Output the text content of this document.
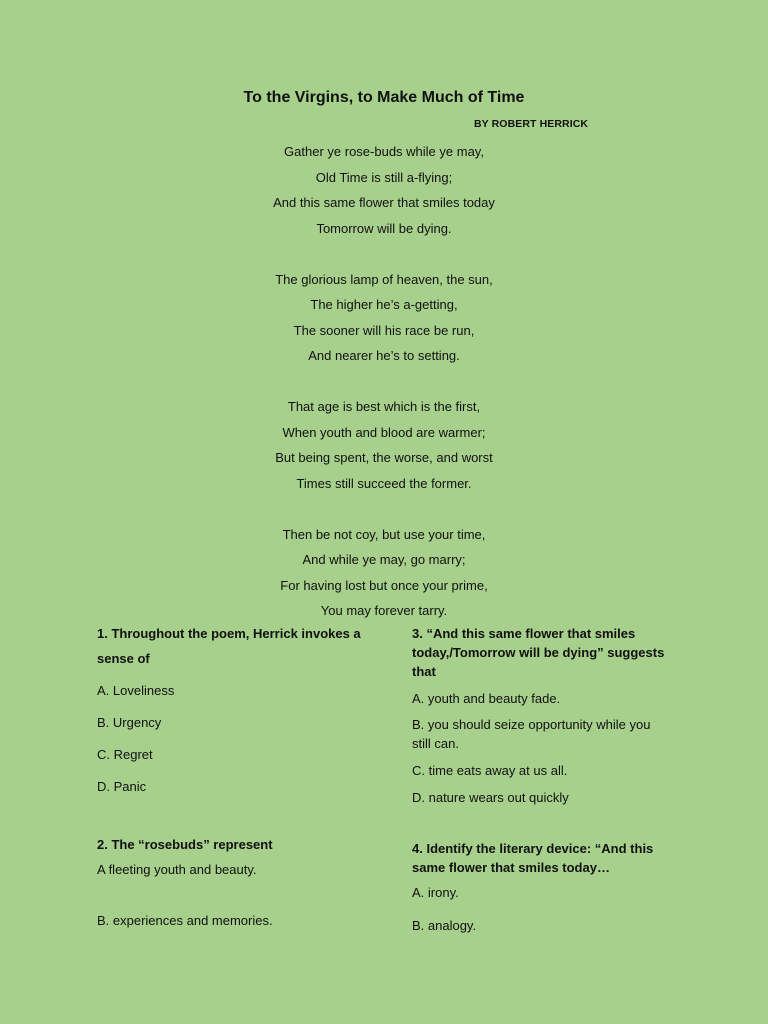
To the Virgins, to Make Much of Time
BY ROBERT HERRICK
Gather ye rose-buds while ye may,
Old Time is still a-flying;
And this same flower that smiles today
Tomorrow will be dying.
The glorious lamp of heaven, the sun,
The higher he’s a-getting,
The sooner will his race be run,
And nearer he’s to setting.
That age is best which is the first,
When youth and blood are warmer;
But being spent, the worse, and worst
Times still succeed the former.
Then be not coy, but use your time,
And while ye may, go marry;
For having lost but once your prime,
You may forever tarry.
1. Throughout the poem, Herrick invokes a
sense of
A. Loveliness
B. Urgency
C. Regret
D. Panic
2. The “rosebuds” represent
A fleeting youth and beauty.
B. experiences and memories.
3. “And this same flower that smiles
today,/Tomorrow will be dying” suggests
that
A. youth and beauty fade.
B. you should seize opportunity while you
still can.
C. time eats away at us all.
D. nature wears out quickly
4. Identify the literary device: “And this
same flower that smiles today…
A. irony.
B. analogy.
